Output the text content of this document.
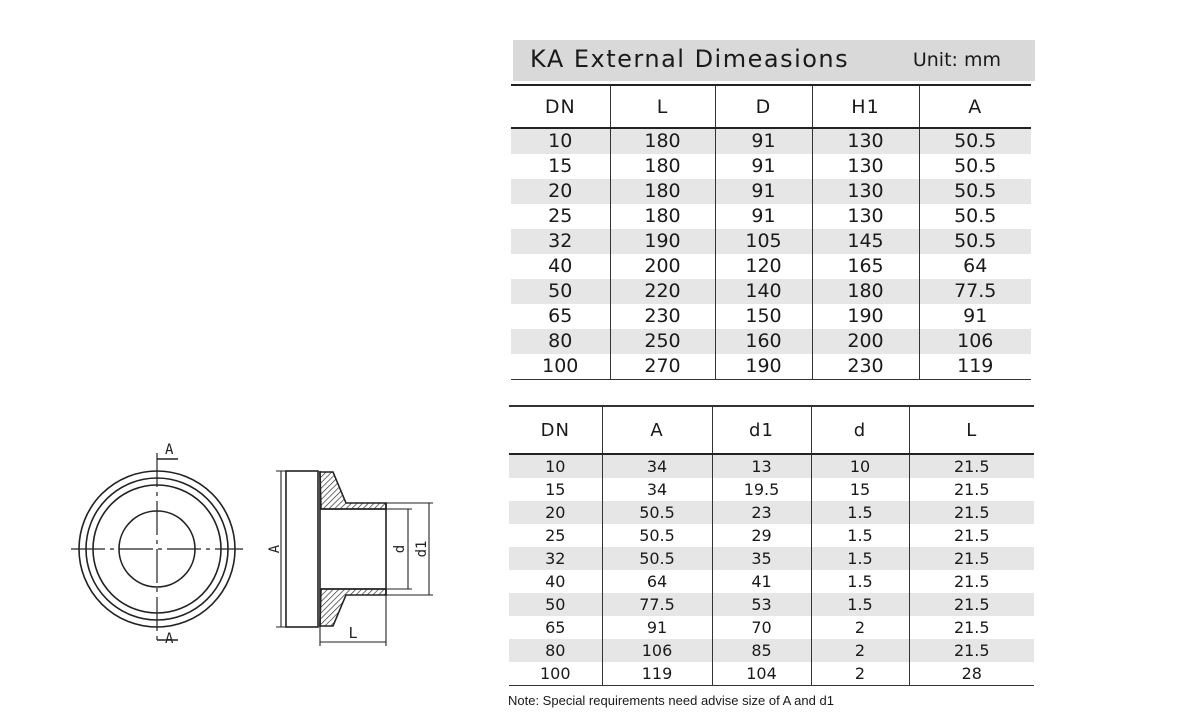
A
A
A	d d1
L
KA External Dimeasions	Unit: mm
DN	L	D	H1	A
10	180	91	130	50.5
15	180	91	130	50.5
20	180	91	130	50.5
25	180	91	130	50.5
32	190	105	145	50.5
40	200	120	165	64
50	220	140	180	77.5
65	230	150	190	91
80	250	160	200	106
100	270	190	230	119
DN	A	d1	d	L
10	34	13	10	21.5
15	34	19.5	15	21.5
20	50.5	23	1.5	21.5
25	50.5	29	1.5	21.5
32	50.5	35	1.5	21.5
40	64	41	1.5	21.5
50	77.5	53	1.5	21.5
65	91	70	2	21.5
80	106	85	2	21.5
100	119	104	2	28
Note: Special requirements need advise size of A and d1
